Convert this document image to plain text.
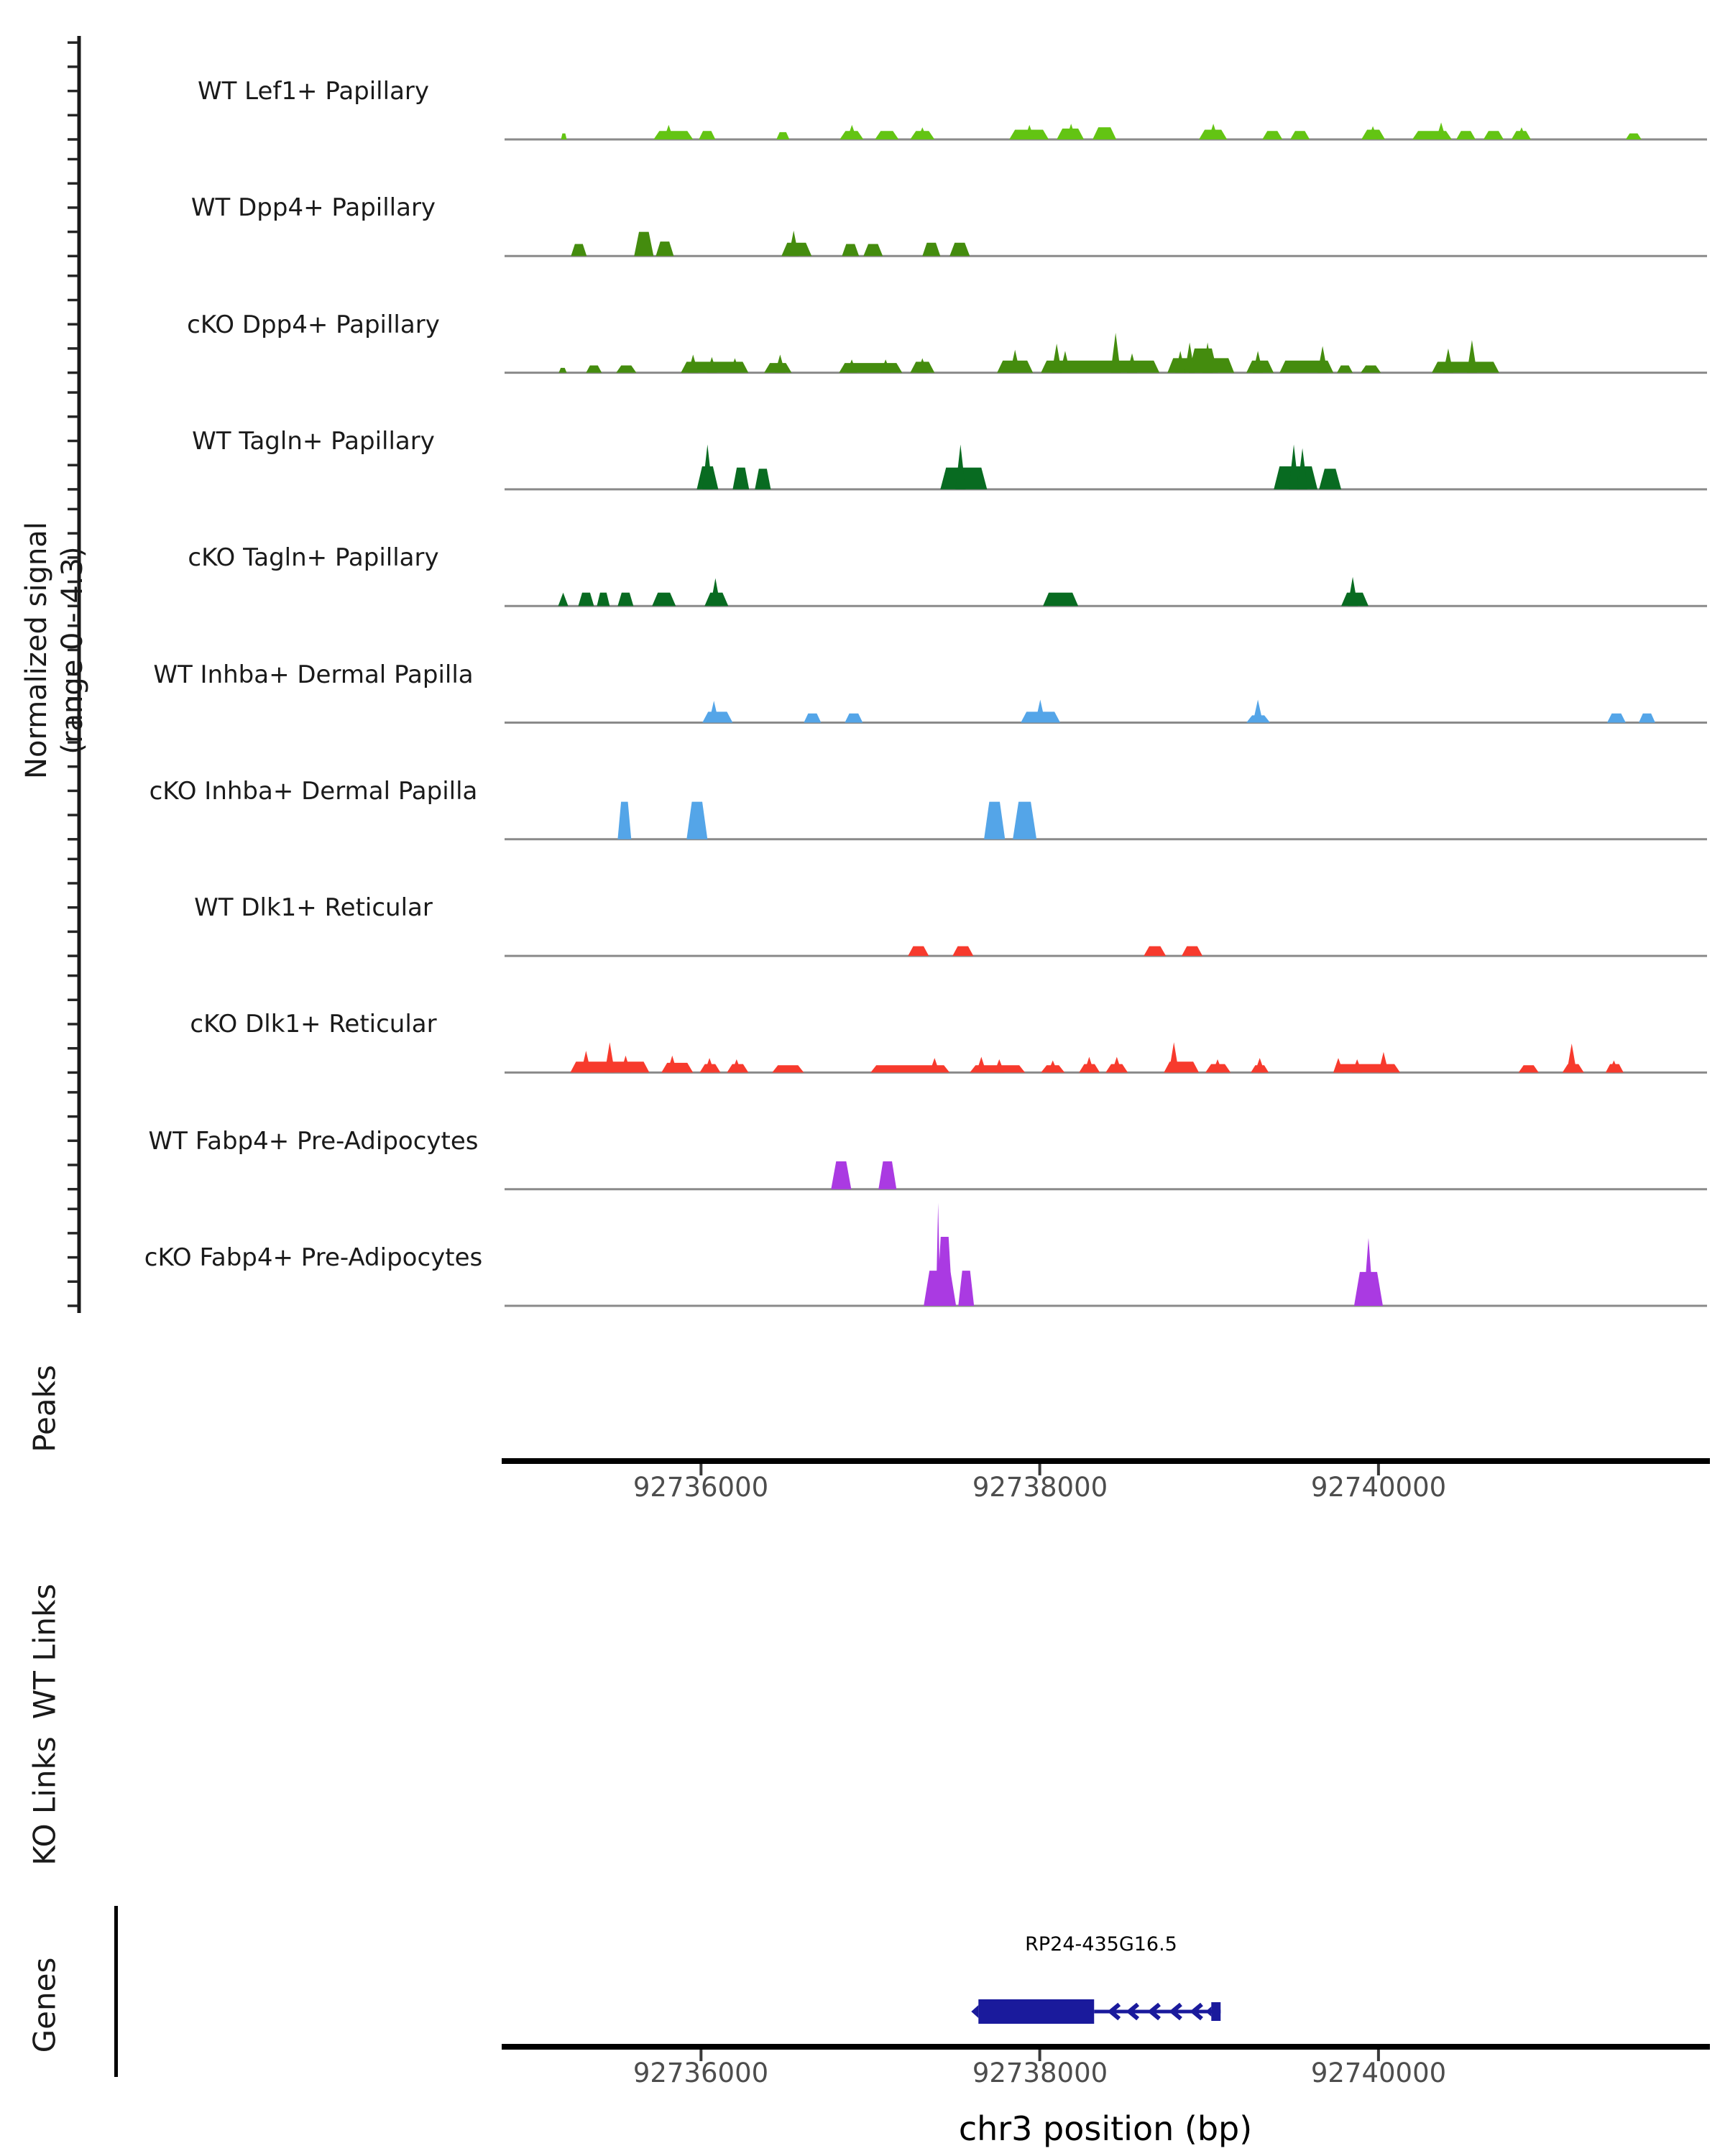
Normalized signal (range 0 - 4.3)
Peaks
WT Links
KO Links
Genes
WT Lef1+ Papillary
WT Dpp4+ Papillary
cKO Dpp4+ Papillary
WT Tagln+ Papillary
cKO Tagln+ Papillary
WT Inhba+ Dermal Papilla
cKO Inhba+ Dermal Papilla
WT Dlk1+ Reticular
cKO Dlk1+ Reticular
WT Fabp4+ Pre-Adipocytes
cKO Fabp4+ Pre-Adipocytes
92736000	92738000	92740000
RP24-435G16.5
92736000	92738000	92740000
chr3 position (bp)
